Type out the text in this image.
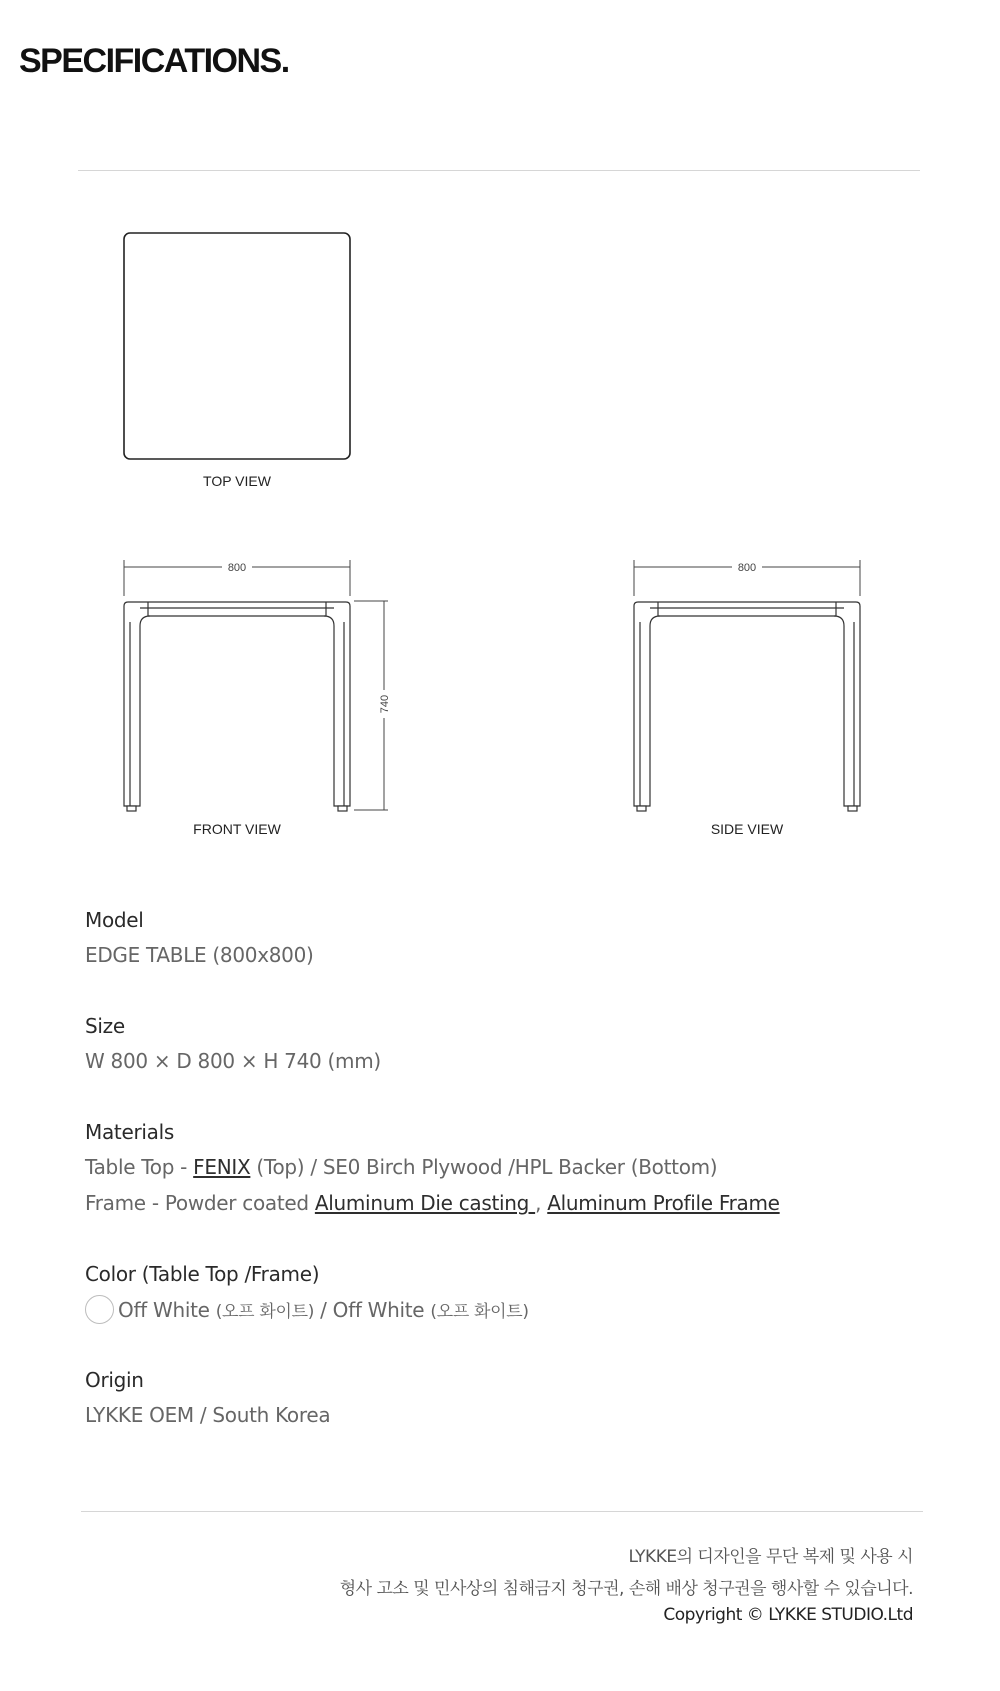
SPECIFICATIONS.
TOP VIEW
800
740
FRONT VIEW
800
SIDE VIEW
Model
EDGE TABLE (800x800)
Size
W 800 × D 800 × H 740 (mm)
Materials
Table Top - FENIX (Top) / SE0 Birch Plywood /HPL Backer (Bottom)
Frame - Powder coated Aluminum Die casting , Aluminum Profile Frame
Color (Table Top /Frame)
Off White (오프 화이트) / Off White (오프 화이트)
Origin
LYKKE OEM / South Korea
LYKKE의 디자인을 무단 복제 및 사용 시
형사 고소 및 민사상의 침해금지 청구권, 손해 배상 청구권을 행사할 수 있습니다.
Copyright © LYKKE STUDIO.Ltd
